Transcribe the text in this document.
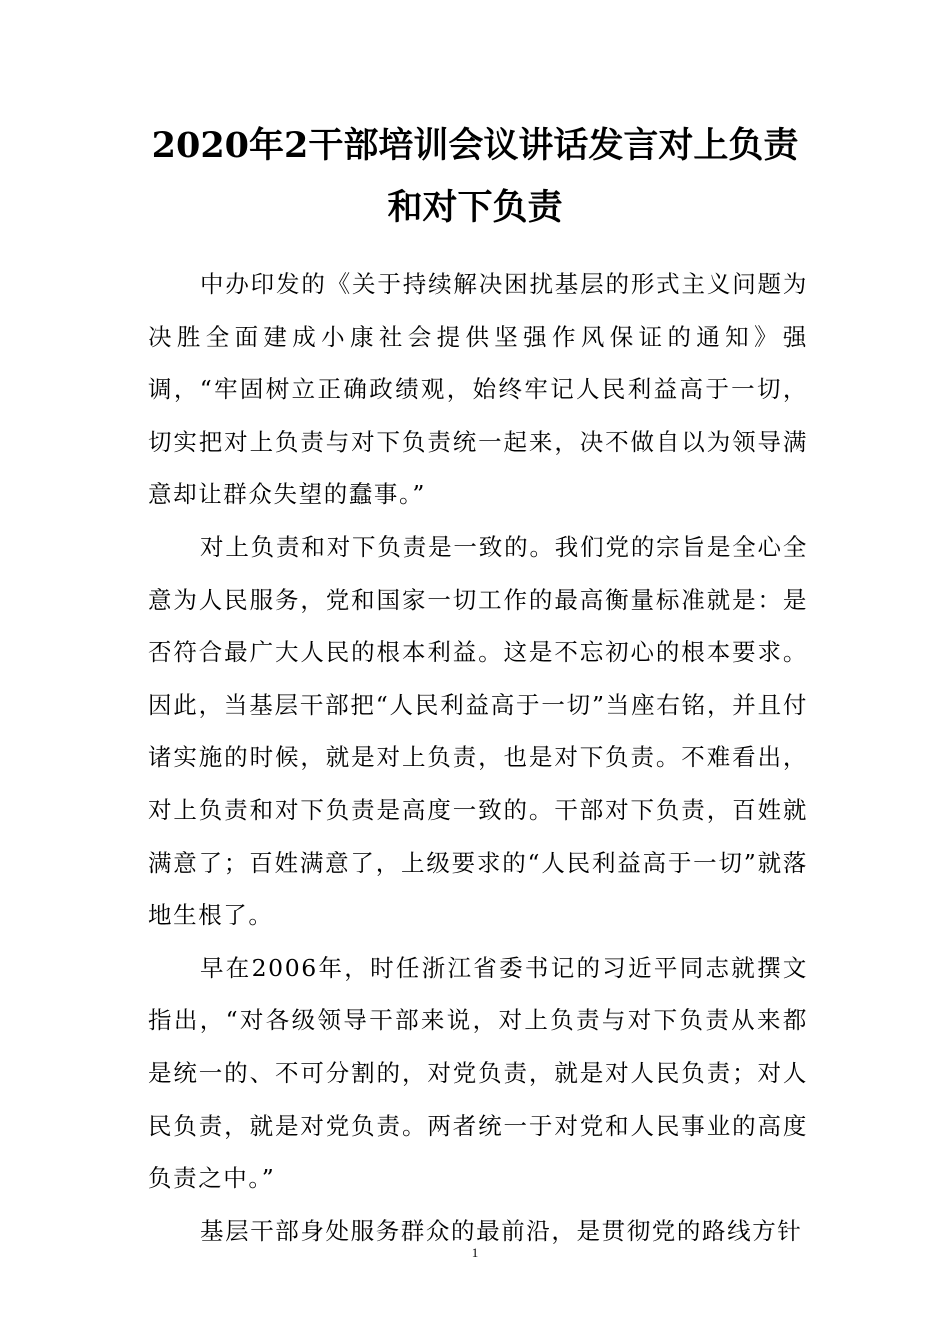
2020年2干部培训会议讲话发言对上负责
和对下负责

中办印发的《关于持续解决困扰基层的形式主义问题为决胜全面建成小康社会提供坚强作风保证的通知》强调，“牢固树立正确政绩观，始终牢记人民利益高于一切，切实把对上负责与对下负责统一起来，决不做自以为领导满意却让群众失望的蠢事。”

对上负责和对下负责是一致的。我们党的宗旨是全心全意为人民服务，党和国家一切工作的最高衡量标准就是：是否符合最广大人民的根本利益。这是不忘初心的根本要求。因此，当基层干部把“人民利益高于一切”当座右铭，并且付诸实施的时候，就是对上负责，也是对下负责。不难看出，对上负责和对下负责是高度一致的。干部对下负责，百姓就满意了；百姓满意了，上级要求的“人民利益高于一切”就落地生根了。

早在2006年，时任浙江省委书记的习近平同志就撰文指出，“对各级领导干部来说，对上负责与对下负责从来都是统一的、不可分割的，对党负责，就是对人民负责；对人民负责，就是对党负责。两者统一于对党和人民事业的高度负责之中。”

基层干部身处服务群众的最前沿，是贯彻党的路线方针

1
